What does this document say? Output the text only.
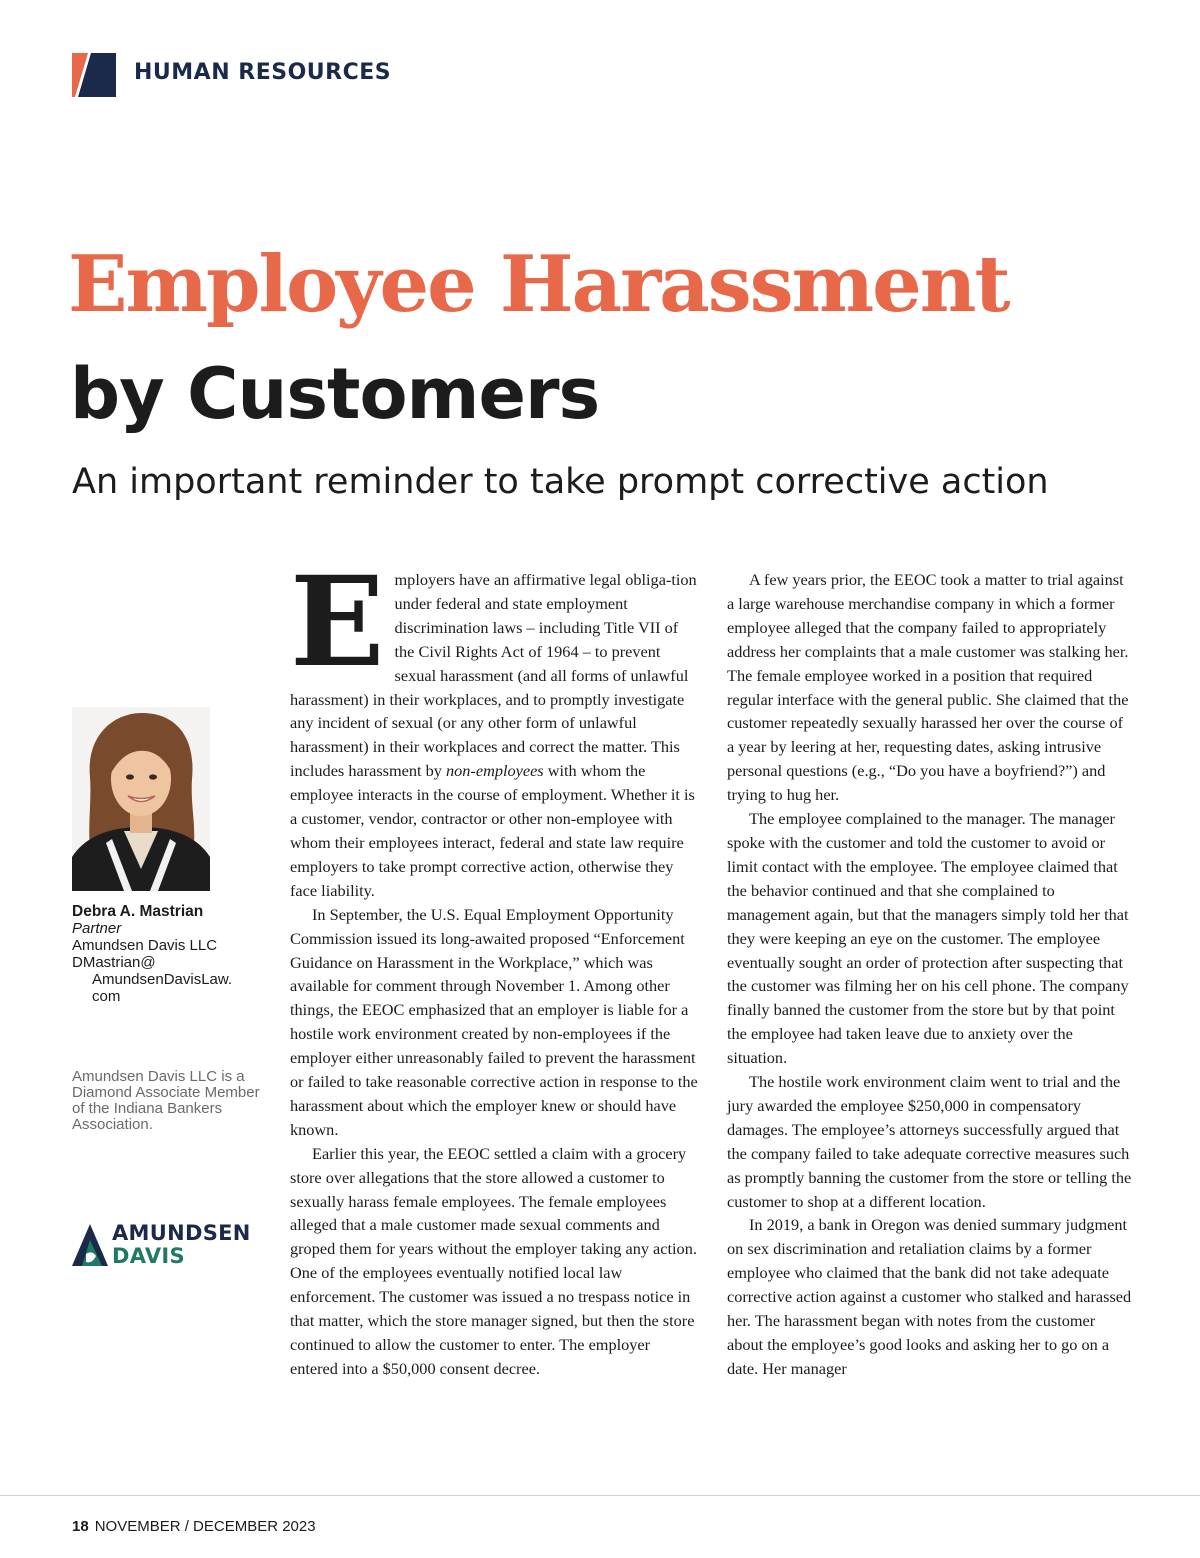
HUMAN RESOURCES
Employee Harassment
by Customers
An important reminder to take prompt corrective action
Debra A. Mastrian
Partner
Amundsen Davis LLC
DMastrian@
AmundsenDavisLaw.
com
Amundsen Davis LLC is a Diamond Associate Member of the Indiana Bankers Association.
AMUNDSEN
DAVIS

Employers have an affirmative legal obliga-tion under federal and state employment discrimination laws – including Title VII of the Civil Rights Act of 1964 – to prevent sexual harassment (and all forms of unlawful harassment) in their workplaces, and to promptly investigate any incident of sexual (or any other form of unlawful harassment) in their workplaces and correct the matter. This includes harassment by non-employees with whom the employee interacts in the course of employment. Whether it is a customer, vendor, contractor or other non-employee with whom their employees interact, federal and state law require employers to take prompt corrective action, otherwise they face liability.

In September, the U.S. Equal Employment Opportunity Commission issued its long-awaited proposed “Enforcement Guidance on Harassment in the Workplace,” which was available for comment through November 1. Among other things, the EEOC emphasized that an employer is liable for a hostile work environment created by non-employees if the employer either unreasonably failed to prevent the harassment or failed to take reasonable corrective action in response to the harassment about which the employer knew or should have known.

Earlier this year, the EEOC settled a claim with a grocery store over allegations that the store allowed a customer to sexually harass female employees. The female employees alleged that a male customer made sexual comments and groped them for years without the employer taking any action. One of the employees eventually notified local law enforcement. The customer was issued a no trespass notice in that matter, which the store manager signed, but then the store continued to allow the customer to enter. The employer entered into a $50,000 consent decree.

A few years prior, the EEOC took a matter to trial against a large warehouse merchandise company in which a former employee alleged that the company failed to appropriately address her complaints that a male customer was stalking her. The female employee worked in a position that required regular interface with the general public. She claimed that the customer repeatedly sexually harassed her over the course of a year by leering at her, requesting dates, asking intrusive personal questions (e.g., “Do you have a boyfriend?”) and trying to hug her.

The employee complained to the manager. The manager spoke with the customer and told the customer to avoid or limit contact with the employee. The employee claimed that the behavior continued and that she complained to management again, but that the managers simply told her that they were keeping an eye on the customer. The employee eventually sought an order of protection after suspecting that the customer was filming her on his cell phone. The company finally banned the customer from the store but by that point the employee had taken leave due to anxiety over the situation.

The hostile work environment claim went to trial and the jury awarded the employee $250,000 in compensatory damages. The employee’s attorneys successfully argued that the company failed to take adequate corrective measures such as promptly banning the customer from the store or telling the customer to shop at a different location.

In 2019, a bank in Oregon was denied summary judgment on sex discrimination and retaliation claims by a former employee who claimed that the bank did not take adequate corrective action against a customer who stalked and harassed her. The harassment began with notes from the customer about the employee’s good looks and asking her to go on a date. Her manager

18 NOVEMBER / DECEMBER 2023
